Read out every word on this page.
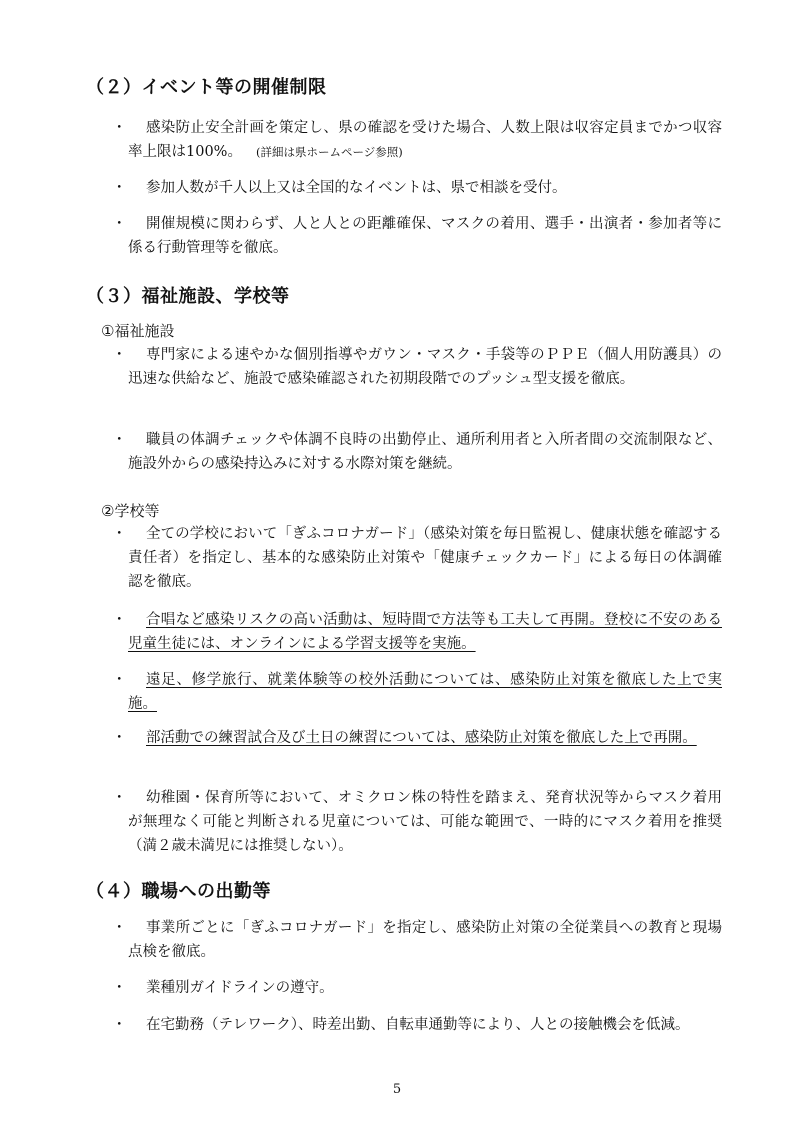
（２）イベント等の開催制限
・	感染防止安全計画を策定し、県の確認を受けた場合、人数上限は収容定員までかつ収容率上限は100%。 (詳細は県ホームページ参照)

・	参加人数が千人以上又は全国的なイベントは、県で相談を受付。

・	開催規模に関わらず、人と人との距離確保、マスクの着用、選手・出演者・参加者等に係る行動管理等を徹底。

（３）福祉施設、学校等

①福祉施設

・	専門家による速やかな個別指導やガウン・マスク・手袋等のＰＰＥ（個人用防護具）の迅速な供給など、施設で感染確認された初期段階でのプッシュ型支援を徹底。

・	職員の体調チェックや体調不良時の出勤停止、通所利用者と入所者間の交流制限など、施設外からの感染持込みに対する水際対策を継続。

②学校等

・	全ての学校において「ぎふコロナガード」（感染対策を毎日監視し、健康状態を確認する責任者）を指定し、基本的な感染防止対策や「健康チェックカード」による毎日の体調確認を徹底。

・	合唱など感染リスクの高い活動は、短時間で方法等も工夫して再開。登校に不安のある児童生徒には、オンラインによる学習支援等を実施。

・	遠足、修学旅行、就業体験等の校外活動については、感染防止対策を徹底した上で実施。

・	部活動での練習試合及び土日の練習については、感染防止対策を徹底した上で再開。

・	幼稚園・保育所等において、オミクロン株の特性を踏まえ、発育状況等からマスク着用が無理なく可能と判断される児童については、可能な範囲で、一時的にマスク着用を推奨（満２歳未満児には推奨しない）。

（４）職場への出勤等
・	事業所ごとに「ぎふコロナガード」を指定し、感染防止対策の全従業員への教育と現場点検を徹底。

・	業種別ガイドラインの遵守。

・	在宅勤務（テレワーク）、時差出勤、自転車通勤等により、人との接触機会を低減。

5
